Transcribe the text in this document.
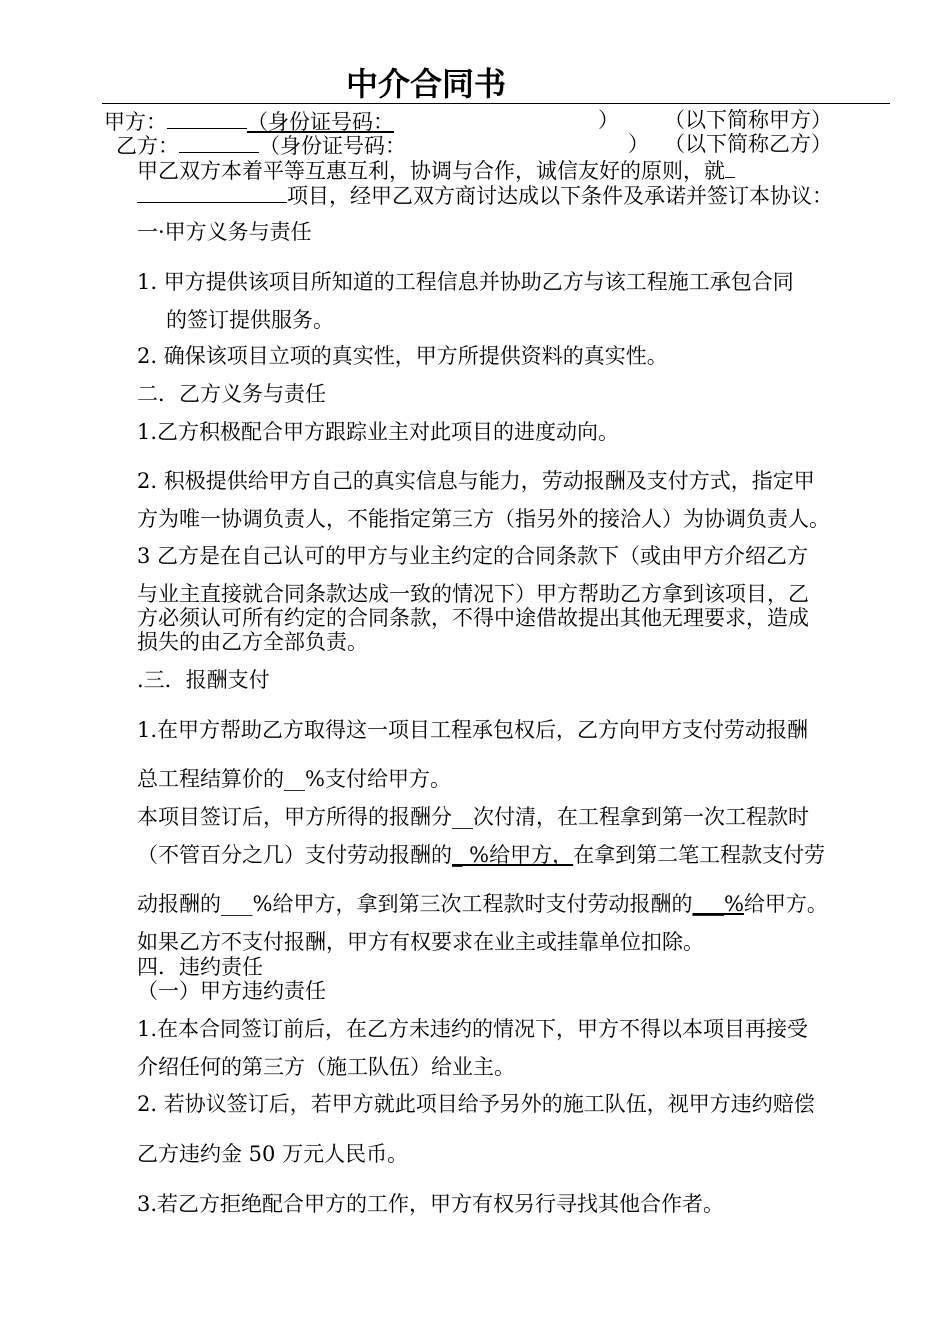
中介合同书
甲方：	（身份证号码：	） （以下简称甲方）
乙方：	（身份证号码：	） （以下简称乙方）
甲乙双方本着平等互惠互利，协调与合作，诚信友好的原则，就
项目，经甲乙双方商讨达成以下条件及承诺并签订本协议：
一·甲方义务与责任
1. 甲方提供该项目所知道的工程信息并协助乙方与该工程施工承包合同
的签订提供服务。
2. 确保该项目立项的真实性，甲方所提供资料的真实性。
二．乙方义务与责任
1.乙方积极配合甲方跟踪业主对此项目的进度动向。
2. 积极提供给甲方自己的真实信息与能力，劳动报酬及支付方式，指定甲
方为唯一协调负责人，不能指定第三方（指另外的接洽人）为协调负责人。
3 乙方是在自己认可的甲方与业主约定的合同条款下（或由甲方介绍乙方
与业主直接就合同条款达成一致的情况下）甲方帮助乙方拿到该项目，乙
方必须认可所有约定的合同条款，不得中途借故提出其他无理要求，造成
损失的由乙方全部负责。
.三．报酬支付
1.在甲方帮助乙方取得这一项目工程承包权后，乙方向甲方支付劳动报酬
总工程结算价的__%支付给甲方。
本项目签订后，甲方所得的报酬分__次付清，在工程拿到第一次工程款时
（不管百分之几）支付劳动报酬的_ %给甲方，在拿到第二笔工程款支付劳
动报酬的___%给甲方，拿到第三次工程款时支付劳动报酬的___%给甲方。
如果乙方不支付报酬，甲方有权要求在业主或挂靠单位扣除。
四．违约责任
（一）甲方违约责任
1.在本合同签订前后，在乙方未违约的情况下，甲方不得以本项目再接受
介绍任何的第三方（施工队伍）给业主。
2. 若协议签订后，若甲方就此项目给予另外的施工队伍，视甲方违约赔偿
乙方违约金 50 万元人民币。
3.若乙方拒绝配合甲方的工作，甲方有权另行寻找其他合作者。
